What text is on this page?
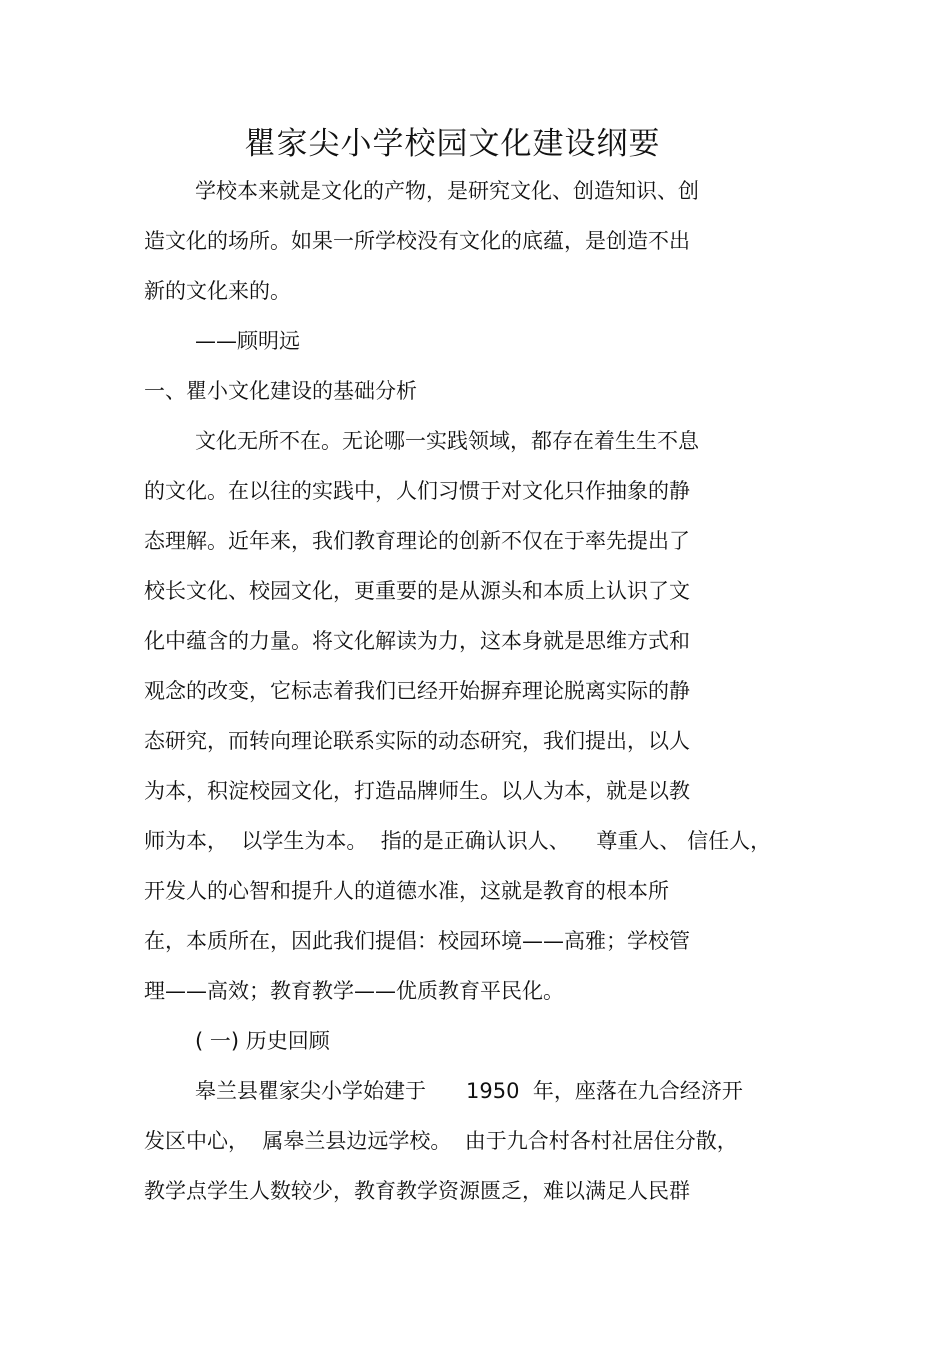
瞿家尖小学校园文化建设纲要
学校本来就是文化的产物，是研究文化、创造知识、创
造文化的场所。如果一所学校没有文化的底蕴，是创造不出
新的文化来的。
——顾明远
一、瞿小文化建设的基础分析
文化无所不在。无论哪一实践领域，都存在着生生不息
的文化。在以往的实践中，人们习惯于对文化只作抽象的静
态理解。近年来，我们教育理论的创新不仅在于率先提出了
校长文化、校园文化，更重要的是从源头和本质上认识了文
化中蕴含的力量。将文化解读为力，这本身就是思维方式和
观念的改变，它标志着我们已经开始摒弃理论脱离实际的静
态研究，而转向理论联系实际的动态研究，我们提出，以人
为本，积淀校园文化，打造品牌师生。以人为本，就是以教
师为本，  以学生为本。  指的是正确认识人、    尊重人、 信任人，
开发人的心智和提升人的道德水准，这就是教育的根本所
在，本质所在，因此我们提倡：校园环境——高雅；学校管
理——高效；教育教学——优质教育平民化。
( 一) 历史回顾
皋兰县瞿家尖小学始建于      1950  年，座落在九合经济开
发区中心，  属皋兰县边远学校。  由于九合村各村社居住分散，
教学点学生人数较少，教育教学资源匮乏，难以满足人民群
